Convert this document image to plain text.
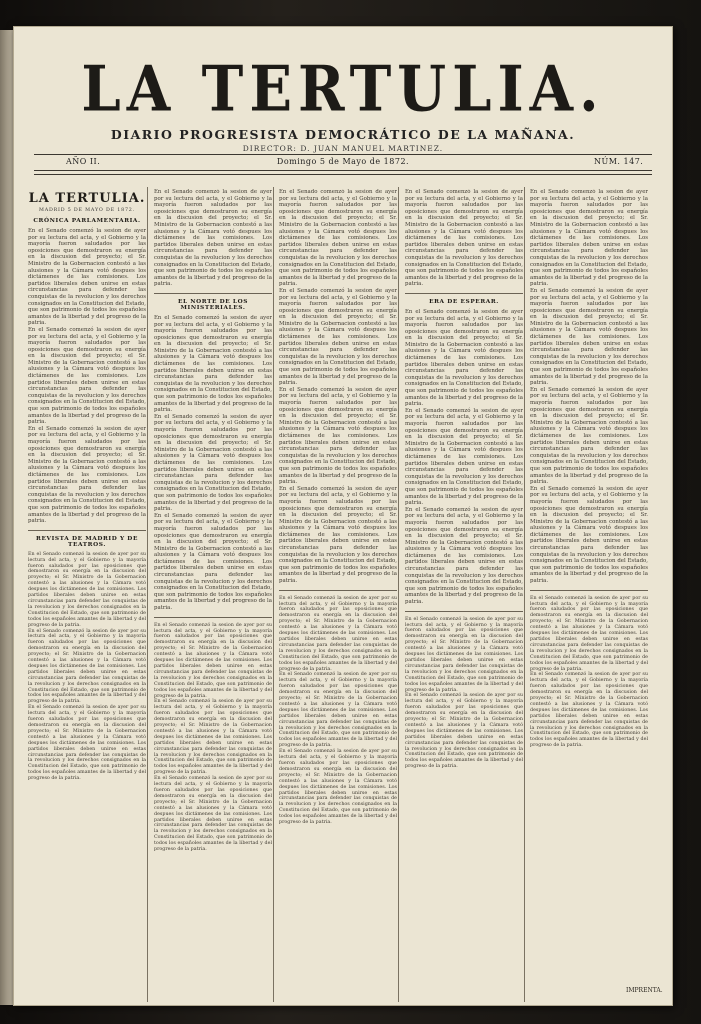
LA TERTULIA.
DIARIO PROGRESISTA DEMOCRÁTICO DE LA MAÑANA.
DIRECTOR: D. JUAN MANUEL MARTINEZ.
AÑO II.	Domingo 5 de Mayo de 1872.	NÚM. 147.
LA TERTULIA.
MADRID 5 DE MAYO DE 1872.
CRÓNICA PARLAMENTARIA.

En el Senado comenzó la sesion de ayer por su lectura del acta, y el Gobierno y la mayoría fueron saludados por las oposiciones que demostraron su energía en la discusion del proyecto; el Sr. Ministro de la Gobernacion contestó a las alusiones y la Cámara votó despues los dictámenes de las comisiones. Los partidos liberales deben unirse en estas circunstancias para defender las conquistas de la revolucion y los derechos consignados en la Constitucion del Estado, que son patrimonio de todos los españoles amantes de la libertad y del progreso de la patria.

En el Senado comenzó la sesion de ayer por su lectura del acta, y el Gobierno y la mayoría fueron saludados por las oposiciones que demostraron su energía en la discusion del proyecto; el Sr. Ministro de la Gobernacion contestó a las alusiones y la Cámara votó despues los dictámenes de las comisiones. Los partidos liberales deben unirse en estas circunstancias para defender las conquistas de la revolucion y los derechos consignados en la Constitucion del Estado, que son patrimonio de todos los españoles amantes de la libertad y del progreso de la patria.

En el Senado comenzó la sesion de ayer por su lectura del acta, y el Gobierno y la mayoría fueron saludados por las oposiciones que demostraron su energía en la discusion del proyecto; el Sr. Ministro de la Gobernacion contestó a las alusiones y la Cámara votó despues los dictámenes de las comisiones. Los partidos liberales deben unirse en estas circunstancias para defender las conquistas de la revolucion y los derechos consignados en la Constitucion del Estado, que son patrimonio de todos los españoles amantes de la libertad y del progreso de la patria.

REVISTA DE MADRID Y DE TEATROS.

En el Senado comenzó la sesion de ayer por su lectura del acta, y el Gobierno y la mayoría fueron saludados por las oposiciones que demostraron su energía en la discusion del proyecto; el Sr. Ministro de la Gobernacion contestó a las alusiones y la Cámara votó despues los dictámenes de las comisiones. Los partidos liberales deben unirse en estas circunstancias para defender las conquistas de la revolucion y los derechos consignados en la Constitucion del Estado, que son patrimonio de todos los españoles amantes de la libertad y del progreso de la patria.

En el Senado comenzó la sesion de ayer por su lectura del acta, y el Gobierno y la mayoría fueron saludados por las oposiciones que demostraron su energía en la discusion del proyecto; el Sr. Ministro de la Gobernacion contestó a las alusiones y la Cámara votó despues los dictámenes de las comisiones. Los partidos liberales deben unirse en estas circunstancias para defender las conquistas de la revolucion y los derechos consignados en la Constitucion del Estado, que son patrimonio de todos los españoles amantes de la libertad y del progreso de la patria.

En el Senado comenzó la sesion de ayer por su lectura del acta, y el Gobierno y la mayoría fueron saludados por las oposiciones que demostraron su energía en la discusion del proyecto; el Sr. Ministro de la Gobernacion contestó a las alusiones y la Cámara votó despues los dictámenes de las comisiones. Los partidos liberales deben unirse en estas circunstancias para defender las conquistas de la revolucion y los derechos consignados en la Constitucion del Estado, que son patrimonio de todos los españoles amantes de la libertad y del progreso de la patria.

En el Senado comenzó la sesion de ayer por su lectura del acta, y el Gobierno y la mayoría fueron saludados por las oposiciones que demostraron su energía en la discusion del proyecto; el Sr. Ministro de la Gobernacion contestó a las alusiones y la Cámara votó despues los dictámenes de las comisiones. Los partidos liberales deben unirse en estas circunstancias para defender las conquistas de la revolucion y los derechos consignados en la Constitucion del Estado, que son patrimonio de todos los españoles amantes de la libertad y del progreso de la patria.

EL NORTE DE LOS MINISTERIALES.

En el Senado comenzó la sesion de ayer por su lectura del acta, y el Gobierno y la mayoría fueron saludados por las oposiciones que demostraron su energía en la discusion del proyecto; el Sr. Ministro de la Gobernacion contestó a las alusiones y la Cámara votó despues los dictámenes de las comisiones. Los partidos liberales deben unirse en estas circunstancias para defender las conquistas de la revolucion y los derechos consignados en la Constitucion del Estado, que son patrimonio de todos los españoles amantes de la libertad y del progreso de la patria.

En el Senado comenzó la sesion de ayer por su lectura del acta, y el Gobierno y la mayoría fueron saludados por las oposiciones que demostraron su energía en la discusion del proyecto; el Sr. Ministro de la Gobernacion contestó a las alusiones y la Cámara votó despues los dictámenes de las comisiones. Los partidos liberales deben unirse en estas circunstancias para defender las conquistas de la revolucion y los derechos consignados en la Constitucion del Estado, que son patrimonio de todos los españoles amantes de la libertad y del progreso de la patria.

En el Senado comenzó la sesion de ayer por su lectura del acta, y el Gobierno y la mayoría fueron saludados por las oposiciones que demostraron su energía en la discusion del proyecto; el Sr. Ministro de la Gobernacion contestó a las alusiones y la Cámara votó despues los dictámenes de las comisiones. Los partidos liberales deben unirse en estas circunstancias para defender las conquistas de la revolucion y los derechos consignados en la Constitucion del Estado, que son patrimonio de todos los españoles amantes de la libertad y del progreso de la patria.

En el Senado comenzó la sesion de ayer por su lectura del acta, y el Gobierno y la mayoría fueron saludados por las oposiciones que demostraron su energía en la discusion del proyecto; el Sr. Ministro de la Gobernacion contestó a las alusiones y la Cámara votó despues los dictámenes de las comisiones. Los partidos liberales deben unirse en estas circunstancias para defender las conquistas de la revolucion y los derechos consignados en la Constitucion del Estado, que son patrimonio de todos los españoles amantes de la libertad y del progreso de la patria.

En el Senado comenzó la sesion de ayer por su lectura del acta, y el Gobierno y la mayoría fueron saludados por las oposiciones que demostraron su energía en la discusion del proyecto; el Sr. Ministro de la Gobernacion contestó a las alusiones y la Cámara votó despues los dictámenes de las comisiones. Los partidos liberales deben unirse en estas circunstancias para defender las conquistas de la revolucion y los derechos consignados en la Constitucion del Estado, que son patrimonio de todos los españoles amantes de la libertad y del progreso de la patria.

En el Senado comenzó la sesion de ayer por su lectura del acta, y el Gobierno y la mayoría fueron saludados por las oposiciones que demostraron su energía en la discusion del proyecto; el Sr. Ministro de la Gobernacion contestó a las alusiones y la Cámara votó despues los dictámenes de las comisiones. Los partidos liberales deben unirse en estas circunstancias para defender las conquistas de la revolucion y los derechos consignados en la Constitucion del Estado, que son patrimonio de todos los españoles amantes de la libertad y del progreso de la patria.

En el Senado comenzó la sesion de ayer por su lectura del acta, y el Gobierno y la mayoría fueron saludados por las oposiciones que demostraron su energía en la discusion del proyecto; el Sr. Ministro de la Gobernacion contestó a las alusiones y la Cámara votó despues los dictámenes de las comisiones. Los partidos liberales deben unirse en estas circunstancias para defender las conquistas de la revolucion y los derechos consignados en la Constitucion del Estado, que son patrimonio de todos los españoles amantes de la libertad y del progreso de la patria.

En el Senado comenzó la sesion de ayer por su lectura del acta, y el Gobierno y la mayoría fueron saludados por las oposiciones que demostraron su energía en la discusion del proyecto; el Sr. Ministro de la Gobernacion contestó a las alusiones y la Cámara votó despues los dictámenes de las comisiones. Los partidos liberales deben unirse en estas circunstancias para defender las conquistas de la revolucion y los derechos consignados en la Constitucion del Estado, que son patrimonio de todos los españoles amantes de la libertad y del progreso de la patria.

En el Senado comenzó la sesion de ayer por su lectura del acta, y el Gobierno y la mayoría fueron saludados por las oposiciones que demostraron su energía en la discusion del proyecto; el Sr. Ministro de la Gobernacion contestó a las alusiones y la Cámara votó despues los dictámenes de las comisiones. Los partidos liberales deben unirse en estas circunstancias para defender las conquistas de la revolucion y los derechos consignados en la Constitucion del Estado, que son patrimonio de todos los españoles amantes de la libertad y del progreso de la patria.

En el Senado comenzó la sesion de ayer por su lectura del acta, y el Gobierno y la mayoría fueron saludados por las oposiciones que demostraron su energía en la discusion del proyecto; el Sr. Ministro de la Gobernacion contestó a las alusiones y la Cámara votó despues los dictámenes de las comisiones. Los partidos liberales deben unirse en estas circunstancias para defender las conquistas de la revolucion y los derechos consignados en la Constitucion del Estado, que son patrimonio de todos los españoles amantes de la libertad y del progreso de la patria.

En el Senado comenzó la sesion de ayer por su lectura del acta, y el Gobierno y la mayoría fueron saludados por las oposiciones que demostraron su energía en la discusion del proyecto; el Sr. Ministro de la Gobernacion contestó a las alusiones y la Cámara votó despues los dictámenes de las comisiones. Los partidos liberales deben unirse en estas circunstancias para defender las conquistas de la revolucion y los derechos consignados en la Constitucion del Estado, que son patrimonio de todos los españoles amantes de la libertad y del progreso de la patria.

En el Senado comenzó la sesion de ayer por su lectura del acta, y el Gobierno y la mayoría fueron saludados por las oposiciones que demostraron su energía en la discusion del proyecto; el Sr. Ministro de la Gobernacion contestó a las alusiones y la Cámara votó despues los dictámenes de las comisiones. Los partidos liberales deben unirse en estas circunstancias para defender las conquistas de la revolucion y los derechos consignados en la Constitucion del Estado, que son patrimonio de todos los españoles amantes de la libertad y del progreso de la patria.

En el Senado comenzó la sesion de ayer por su lectura del acta, y el Gobierno y la mayoría fueron saludados por las oposiciones que demostraron su energía en la discusion del proyecto; el Sr. Ministro de la Gobernacion contestó a las alusiones y la Cámara votó despues los dictámenes de las comisiones. Los partidos liberales deben unirse en estas circunstancias para defender las conquistas de la revolucion y los derechos consignados en la Constitucion del Estado, que son patrimonio de todos los españoles amantes de la libertad y del progreso de la patria.

En el Senado comenzó la sesion de ayer por su lectura del acta, y el Gobierno y la mayoría fueron saludados por las oposiciones que demostraron su energía en la discusion del proyecto; el Sr. Ministro de la Gobernacion contestó a las alusiones y la Cámara votó despues los dictámenes de las comisiones. Los partidos liberales deben unirse en estas circunstancias para defender las conquistas de la revolucion y los derechos consignados en la Constitucion del Estado, que son patrimonio de todos los españoles amantes de la libertad y del progreso de la patria.

ERA DE ESPERAR.

En el Senado comenzó la sesion de ayer por su lectura del acta, y el Gobierno y la mayoría fueron saludados por las oposiciones que demostraron su energía en la discusion del proyecto; el Sr. Ministro de la Gobernacion contestó a las alusiones y la Cámara votó despues los dictámenes de las comisiones. Los partidos liberales deben unirse en estas circunstancias para defender las conquistas de la revolucion y los derechos consignados en la Constitucion del Estado, que son patrimonio de todos los españoles amantes de la libertad y del progreso de la patria.

En el Senado comenzó la sesion de ayer por su lectura del acta, y el Gobierno y la mayoría fueron saludados por las oposiciones que demostraron su energía en la discusion del proyecto; el Sr. Ministro de la Gobernacion contestó a las alusiones y la Cámara votó despues los dictámenes de las comisiones. Los partidos liberales deben unirse en estas circunstancias para defender las conquistas de la revolucion y los derechos consignados en la Constitucion del Estado, que son patrimonio de todos los españoles amantes de la libertad y del progreso de la patria.

En el Senado comenzó la sesion de ayer por su lectura del acta, y el Gobierno y la mayoría fueron saludados por las oposiciones que demostraron su energía en la discusion del proyecto; el Sr. Ministro de la Gobernacion contestó a las alusiones y la Cámara votó despues los dictámenes de las comisiones. Los partidos liberales deben unirse en estas circunstancias para defender las conquistas de la revolucion y los derechos consignados en la Constitucion del Estado, que son patrimonio de todos los españoles amantes de la libertad y del progreso de la patria.

En el Senado comenzó la sesion de ayer por su lectura del acta, y el Gobierno y la mayoría fueron saludados por las oposiciones que demostraron su energía en la discusion del proyecto; el Sr. Ministro de la Gobernacion contestó a las alusiones y la Cámara votó despues los dictámenes de las comisiones. Los partidos liberales deben unirse en estas circunstancias para defender las conquistas de la revolucion y los derechos consignados en la Constitucion del Estado, que son patrimonio de todos los españoles amantes de la libertad y del progreso de la patria.

En el Senado comenzó la sesion de ayer por su lectura del acta, y el Gobierno y la mayoría fueron saludados por las oposiciones que demostraron su energía en la discusion del proyecto; el Sr. Ministro de la Gobernacion contestó a las alusiones y la Cámara votó despues los dictámenes de las comisiones. Los partidos liberales deben unirse en estas circunstancias para defender las conquistas de la revolucion y los derechos consignados en la Constitucion del Estado, que son patrimonio de todos los españoles amantes de la libertad y del progreso de la patria.

En el Senado comenzó la sesion de ayer por su lectura del acta, y el Gobierno y la mayoría fueron saludados por las oposiciones que demostraron su energía en la discusion del proyecto; el Sr. Ministro de la Gobernacion contestó a las alusiones y la Cámara votó despues los dictámenes de las comisiones. Los partidos liberales deben unirse en estas circunstancias para defender las conquistas de la revolucion y los derechos consignados en la Constitucion del Estado, que son patrimonio de todos los españoles amantes de la libertad y del progreso de la patria.

En el Senado comenzó la sesion de ayer por su lectura del acta, y el Gobierno y la mayoría fueron saludados por las oposiciones que demostraron su energía en la discusion del proyecto; el Sr. Ministro de la Gobernacion contestó a las alusiones y la Cámara votó despues los dictámenes de las comisiones. Los partidos liberales deben unirse en estas circunstancias para defender las conquistas de la revolucion y los derechos consignados en la Constitucion del Estado, que son patrimonio de todos los españoles amantes de la libertad y del progreso de la patria.

En el Senado comenzó la sesion de ayer por su lectura del acta, y el Gobierno y la mayoría fueron saludados por las oposiciones que demostraron su energía en la discusion del proyecto; el Sr. Ministro de la Gobernacion contestó a las alusiones y la Cámara votó despues los dictámenes de las comisiones. Los partidos liberales deben unirse en estas circunstancias para defender las conquistas de la revolucion y los derechos consignados en la Constitucion del Estado, que son patrimonio de todos los españoles amantes de la libertad y del progreso de la patria.

En el Senado comenzó la sesion de ayer por su lectura del acta, y el Gobierno y la mayoría fueron saludados por las oposiciones que demostraron su energía en la discusion del proyecto; el Sr. Ministro de la Gobernacion contestó a las alusiones y la Cámara votó despues los dictámenes de las comisiones. Los partidos liberales deben unirse en estas circunstancias para defender las conquistas de la revolucion y los derechos consignados en la Constitucion del Estado, que son patrimonio de todos los españoles amantes de la libertad y del progreso de la patria.

En el Senado comenzó la sesion de ayer por su lectura del acta, y el Gobierno y la mayoría fueron saludados por las oposiciones que demostraron su energía en la discusion del proyecto; el Sr. Ministro de la Gobernacion contestó a las alusiones y la Cámara votó despues los dictámenes de las comisiones. Los partidos liberales deben unirse en estas circunstancias para defender las conquistas de la revolucion y los derechos consignados en la Constitucion del Estado, que son patrimonio de todos los españoles amantes de la libertad y del progreso de la patria.

En el Senado comenzó la sesion de ayer por su lectura del acta, y el Gobierno y la mayoría fueron saludados por las oposiciones que demostraron su energía en la discusion del proyecto; el Sr. Ministro de la Gobernacion contestó a las alusiones y la Cámara votó despues los dictámenes de las comisiones. Los partidos liberales deben unirse en estas circunstancias para defender las conquistas de la revolucion y los derechos consignados en la Constitucion del Estado, que son patrimonio de todos los españoles amantes de la libertad y del progreso de la patria.

IMPRENTA.
